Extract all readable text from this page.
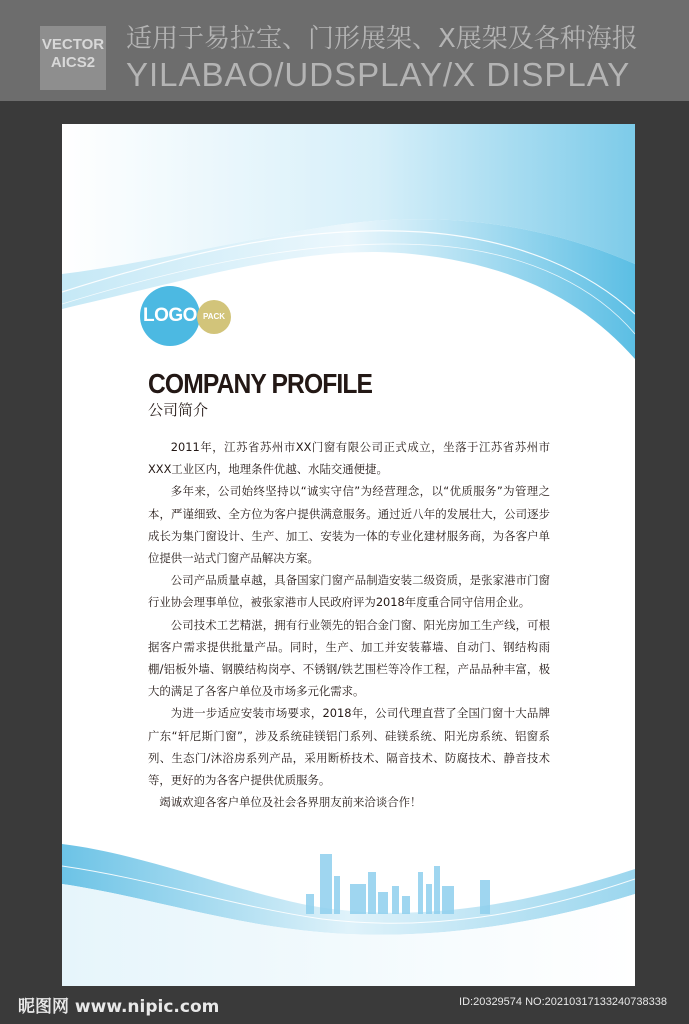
VECTOR
AICS2
适用于易拉宝、门形展架、X展架及各种海报
YILABAO/UDSPLAY/X DISPLAY
LOGO PACK
COMPANY PROFILE
公司简介

2011年，江苏省苏州市XX门窗有限公司正式成立，坐落于江苏省苏州市XXX工业区内，地理条件优越、水陆交通便捷。

多年来，公司始终坚持以“诚实守信”为经营理念，以“优质服务”为管理之本，严谨细致、全方位为客户提供满意服务。通过近八年的发展壮大，公司逐步成长为集门窗设计、生产、加工、安装为一体的专业化建材服务商，为各客户单位提供一站式门窗产品解决方案。

公司产品质量卓越，具备国家门窗产品制造安装二级资质，是张家港市门窗行业协会理事单位，被张家港市人民政府评为2018年度重合同守信用企业。

公司技术工艺精湛，拥有行业领先的铝合金门窗、阳光房加工生产线，可根据客户需求提供批量产品。同时，生产、加工并安装幕墙、自动门、钢结构雨棚/铝板外墙、钢膜结构岗亭、不锈钢/铁艺围栏等冷作工程，产品品种丰富，极大的满足了各客户单位及市场多元化需求。

为进一步适应安装市场要求，2018年，公司代理直营了全国门窗十大品牌广东“轩尼斯门窗”，涉及系统硅镁铝门系列、硅镁系统、阳光房系统、铝窗系列、生态门/沐浴房系列产品，采用断桥技术、隔音技术、防腐技术、静音技术等，更好的为各客户提供优质服务。

竭诚欢迎各客户单位及社会各界朋友前来洽谈合作！

昵图网 www.nipic.com	ID:20329574 NO:20210317133240738338
